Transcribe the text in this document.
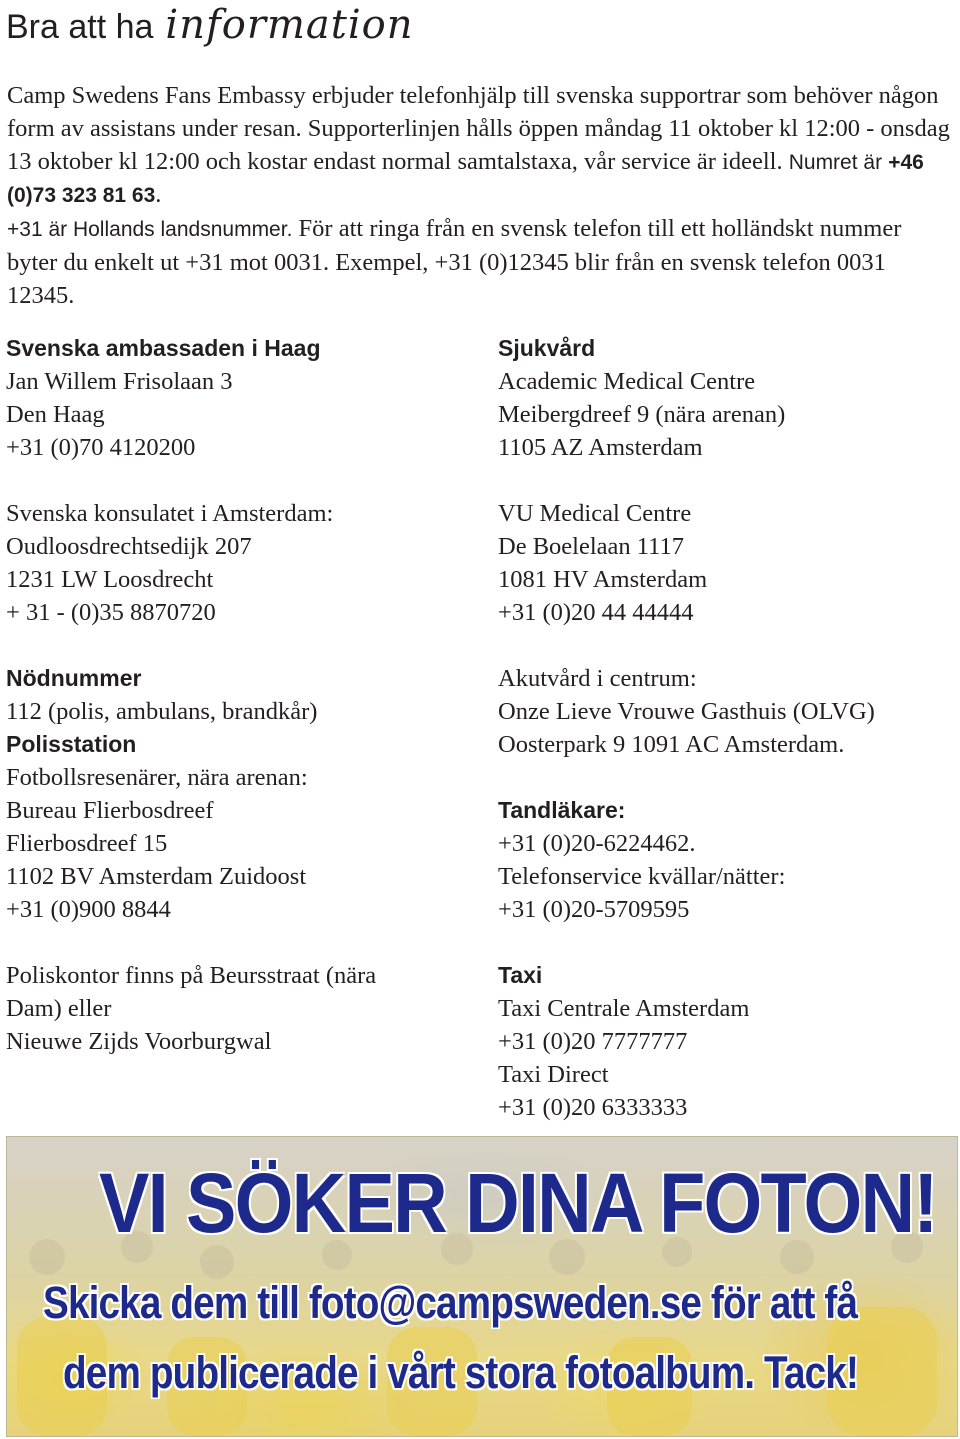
Bra att ha information

Camp Swedens Fans Embassy erbjuder telefonhjälp till svenska supportrar som behöver någon form av assistans under resan. Supporterlinjen hålls öppen måndag 11 oktober kl 12:00 - onsdag 13 oktober kl 12:00 och kostar endast normal samtalstaxa, vår service är ideell. Numret är +46 (0)73 323 81 63.

+31 är Hollands landsnummer. För att ringa från en svensk telefon till ett holländskt nummer byter du enkelt ut +31 mot 0031. Exempel, +31 (0)12345 blir från en svensk telefon 0031 12345.

Svenska ambassaden i Haag
Jan Willem Frisolaan 3
Den Haag
+31 (0)70 4120200
Svenska konsulatet i Amsterdam:
Oudloosdrechtsedijk 207
1231 LW Loosdrecht
+ 31 - (0)35 8870720
Nödnummer
112 (polis, ambulans, brandkår)
Polisstation
Fotbollsresenärer, nära arenan:
Bureau Flierbosdreef
Flierbosdreef 15
1102 BV Amsterdam Zuidoost
+31 (0)900 8844
Poliskontor finns på Beursstraat (nära
Dam) eller
Nieuwe Zijds Voorburgwal
Sjukvård
Academic Medical Centre
Meibergdreef 9 (nära arenan)
1105 AZ Amsterdam
VU Medical Centre
De Boelelaan 1117
1081 HV Amsterdam
+31 (0)20 44 44444
Akutvård i centrum:
Onze Lieve Vrouwe Gasthuis (OLVG)
Oosterpark 9 1091 AC Amsterdam.
Tandläkare:
+31 (0)20-6224462.
Telefonservice kvällar/nätter:
+31 (0)20-5709595
Taxi
Taxi Centrale Amsterdam
+31 (0)20 7777777
Taxi Direct
+31 (0)20 6333333
VI SÖKER DINA FOTON!
Skicka dem till foto@campsweden.se för att få
dem publicerade i vårt stora fotoalbum. Tack!
